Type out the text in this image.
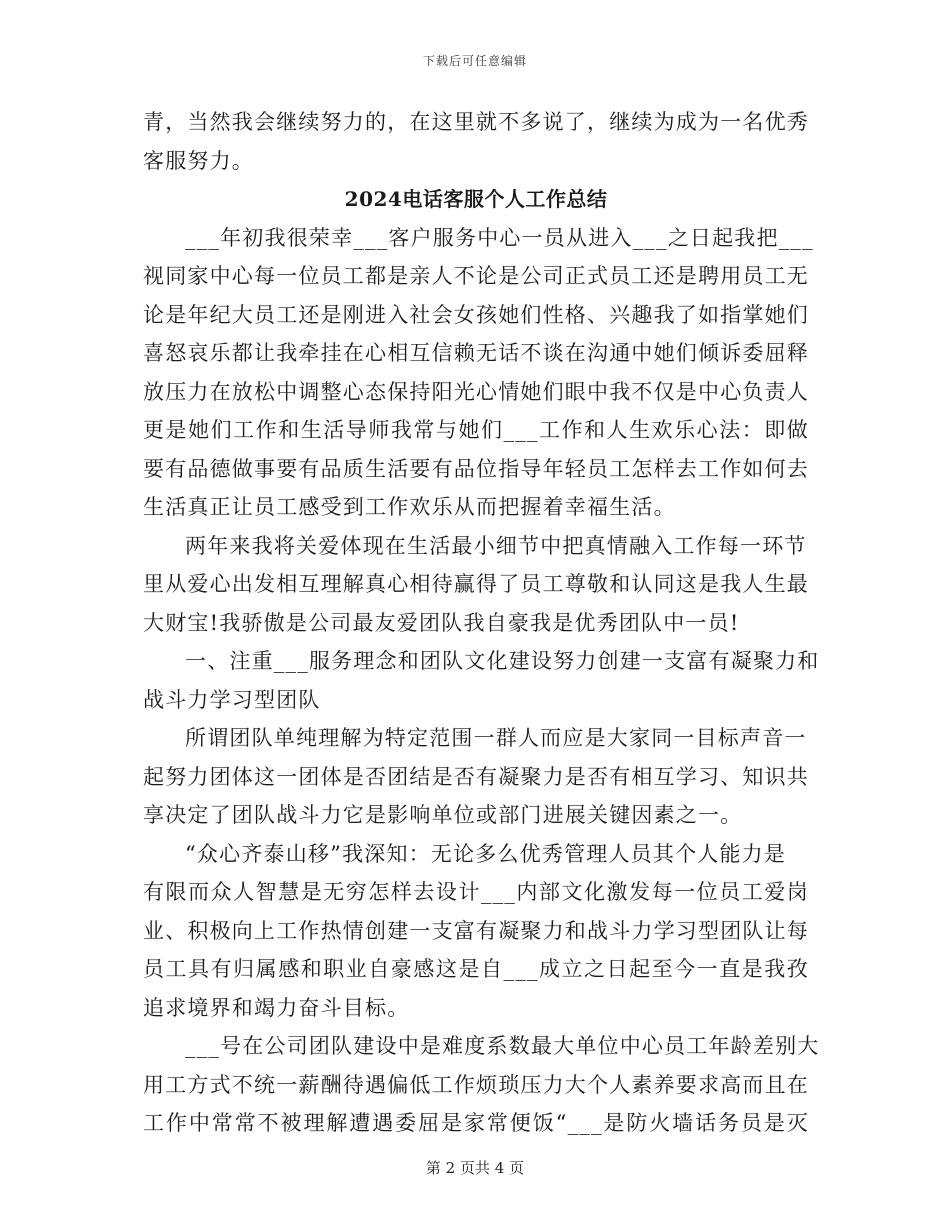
下载后可任意编辑
青，当然我会继续努力的，在这里就不多说了，继续为成为一名优秀
客服努力。
2024电话客服个人工作总结
___年初我很荣幸___客户服务中心一员从进入___之日起我把___
视同家中心每一位员工都是亲人不论是公司正式员工还是聘用员工无
论是年纪大员工还是刚进入社会女孩她们性格、兴趣我了如指掌她们
喜怒哀乐都让我牵挂在心相互信赖无话不谈在沟通中她们倾诉委屈释
放压力在放松中调整心态保持阳光心情她们眼中我不仅是中心负责人
更是她们工作和生活导师我常与她们___工作和人生欢乐心法：即做
要有品德做事要有品质生活要有品位指导年轻员工怎样去工作如何去
生活真正让员工感受到工作欢乐从而把握着幸福生活。
两年来我将关爱体现在生活最小细节中把真情融入工作每一环节
里从爱心出发相互理解真心相待赢得了员工尊敬和认同这是我人生最
大财宝!我骄傲是公司最友爱团队我自豪我是优秀团队中一员!
一、注重___服务理念和团队文化建设努力创建一支富有凝聚力和
战斗力学习型团队
所谓团队单纯理解为特定范围一群人而应是大家同一目标声音一
起努力团体这一团体是否团结是否有凝聚力是否有相互学习、知识共
享决定了团队战斗力它是影响单位或部门进展关键因素之一。
“众心齐泰山移”我深知：无论多么优秀管理人员其个人能力是
有限而众人智慧是无穷怎样去设计___内部文化激发每一位员工爱岗
业、积极向上工作热情创建一支富有凝聚力和战斗力学习型团队让每
员工具有归属感和职业自豪感这是自___成立之日起至今一直是我孜
追求境界和竭力奋斗目标。
___号在公司团队建设中是难度系数最大单位中心员工年龄差别大
用工方式不统一薪酬待遇偏低工作烦琐压力大个人素养要求高而且在
工作中常常不被理解遭遇委屈是家常便饭“___是防火墙话务员是灭
第 2 页共 4 页
